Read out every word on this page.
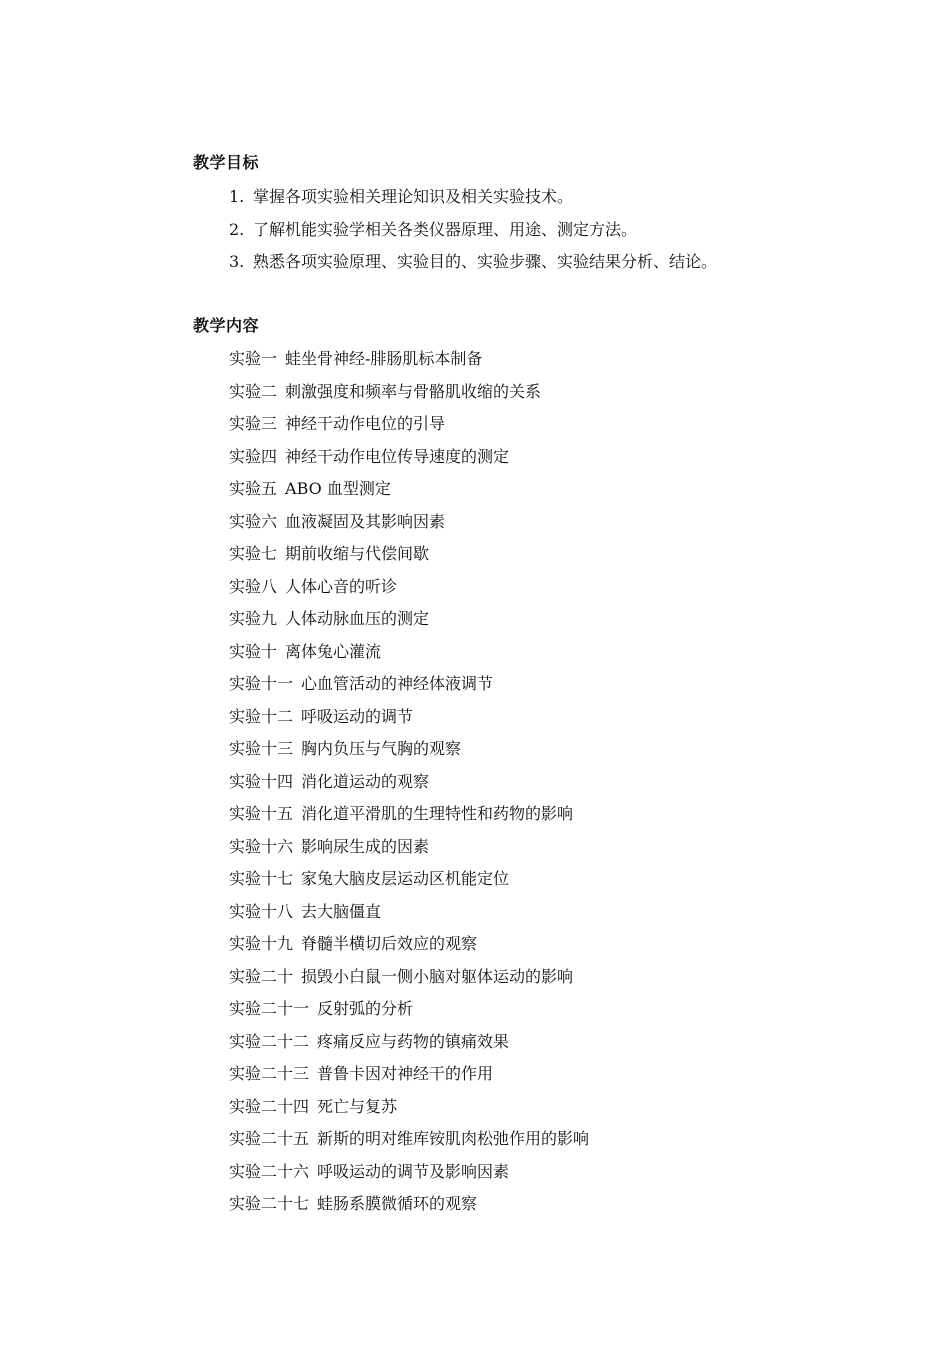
教学目标
1. 掌握各项实验相关理论知识及相关实验技术。
2. 了解机能实验学相关各类仪器原理、用途、测定方法。
3. 熟悉各项实验原理、实验目的、实验步骤、实验结果分析、结论。
教学内容
实验一 蛙坐骨神经-腓肠肌标本制备
实验二 刺激强度和频率与骨骼肌收缩的关系
实验三 神经干动作电位的引导
实验四 神经干动作电位传导速度的测定
实验五 ABO 血型测定
实验六 血液凝固及其影响因素
实验七 期前收缩与代偿间歇
实验八 人体心音的听诊
实验九 人体动脉血压的测定
实验十 离体兔心灌流
实验十一 心血管活动的神经体液调节
实验十二 呼吸运动的调节
实验十三 胸内负压与气胸的观察
实验十四 消化道运动的观察
实验十五 消化道平滑肌的生理特性和药物的影响
实验十六 影响尿生成的因素
实验十七 家兔大脑皮层运动区机能定位
实验十八 去大脑僵直
实验十九 脊髓半横切后效应的观察
实验二十 损毁小白鼠一侧小脑对躯体运动的影响
实验二十一 反射弧的分析
实验二十二 疼痛反应与药物的镇痛效果
实验二十三 普鲁卡因对神经干的作用
实验二十四 死亡与复苏
实验二十五 新斯的明对维库铵肌肉松弛作用的影响
实验二十六 呼吸运动的调节及影响因素
实验二十七 蛙肠系膜微循环的观察
